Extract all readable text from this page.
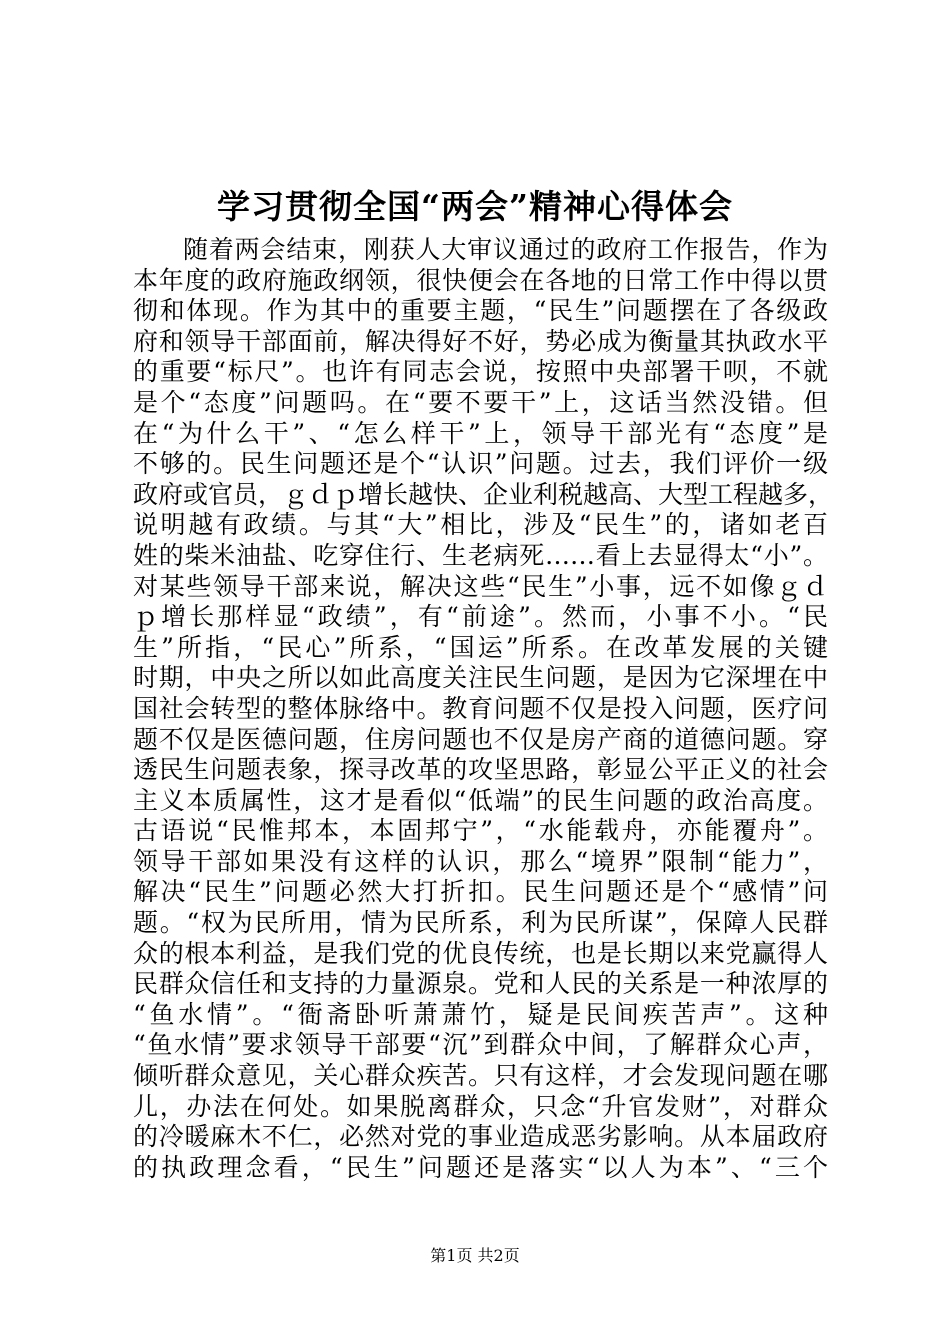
学习贯彻全国“两会”精神心得体会
随着两会结束，刚获人大审议通过的政府工作报告，作为
本年度的政府施政纲领，很快便会在各地的日常工作中得以贯
彻和体现。作为其中的重要主题，“民生”问题摆在了各级政
府和领导干部面前，解决得好不好，势必成为衡量其执政水平
的重要“标尺”。也许有同志会说，按照中央部署干呗，不就
是个“态度”问题吗。在“要不要干”上，这话当然没错。但
在“为什么干”、“怎么样干”上，领导干部光有“态度”是
不够的。民生问题还是个“认识”问题。过去，我们评价一级
政府或官员，ｇｄｐ增长越快、企业利税越高、大型工程越多，
说明越有政绩。与其“大”相比，涉及“民生”的，诸如老百
姓的柴米油盐、吃穿住行、生老病死……看上去显得太“小”。
对某些领导干部来说，解决这些“民生”小事，远不如像ｇｄ
ｐ增长那样显“政绩”，有“前途”。然而，小事不小。“民
生”所指，“民心”所系，“国运”所系。在改革发展的关键
时期，中央之所以如此高度关注民生问题，是因为它深埋在中
国社会转型的整体脉络中。教育问题不仅是投入问题，医疗问
题不仅是医德问题，住房问题也不仅是房产商的道德问题。穿
透民生问题表象，探寻改革的攻坚思路，彰显公平正义的社会
主义本质属性，这才是看似“低端”的民生问题的政治高度。
古语说“民惟邦本，本固邦宁”，“水能载舟，亦能覆舟”。
领导干部如果没有这样的认识，那么“境界”限制“能力”，
解决“民生”问题必然大打折扣。民生问题还是个“感情”问
题。“权为民所用，情为民所系，利为民所谋”，保障人民群
众的根本利益，是我们党的优良传统，也是长期以来党赢得人
民群众信任和支持的力量源泉。党和人民的关系是一种浓厚的
“鱼水情”。“衙斋卧听萧萧竹，疑是民间疾苦声”。这种
“鱼水情”要求领导干部要“沉”到群众中间，了解群众心声，
倾听群众意见，关心群众疾苦。只有这样，才会发现问题在哪
儿，办法在何处。如果脱离群众，只念“升官发财”，对群众
的冷暖麻木不仁，必然对党的事业造成恶劣影响。从本届政府
的执政理念看，“民生”问题还是落实“以人为本”、“三个
第1页 共2页
